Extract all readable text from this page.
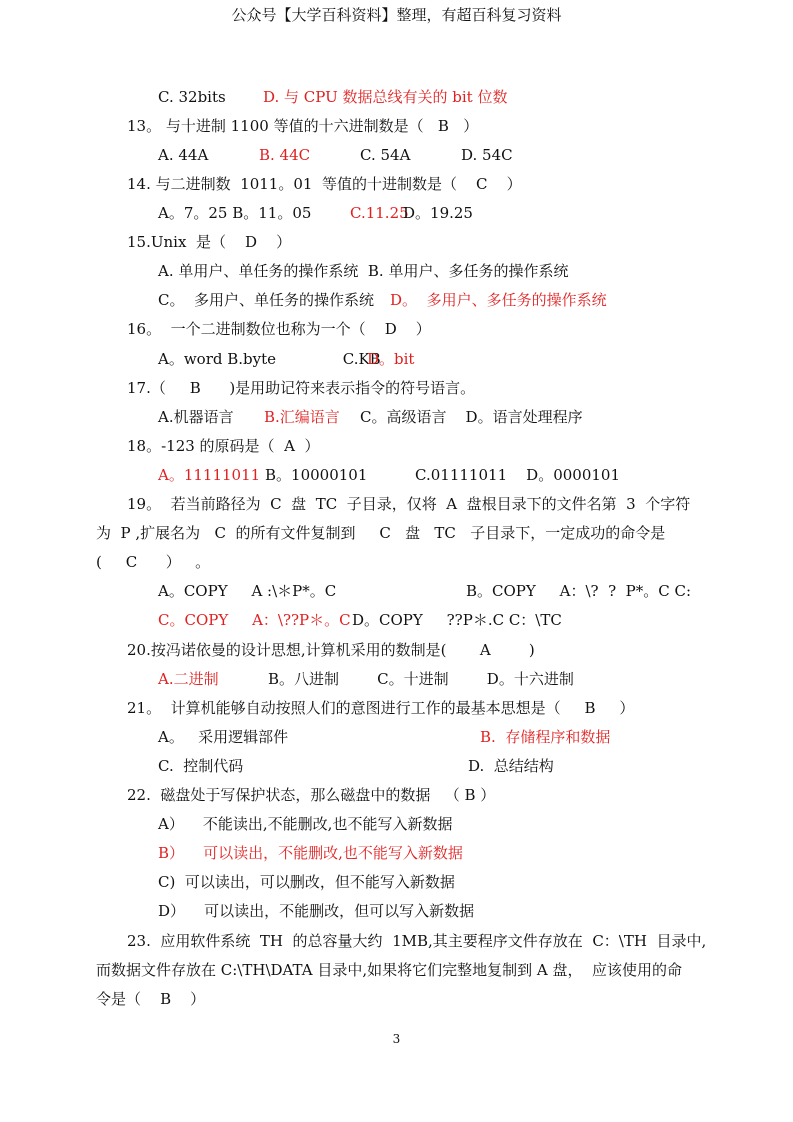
公众号【大学百科资料】整理，有超百科复习资料
C. 32bits D. 与 CPU 数据总线有关的 bit 位数
13。 与十进制 1100 等值的十六进制数是（   B   ）
A. 44A	B. 44C	C. 54A	D. 54C
14. 与二进制数  1011。01  等值的十进制数是（    C    ）
A。7。25 B。11。05	C.11.25
D。19.25
15.Unix  是（    D    ）
A. 单用户、单任务的操作系统  B. 单用户、多任务的操作系统
C。  多用户、单任务的操作系统 D。  多用户、多任务的操作系统
16。  一个二进制数位也称为一个（    D    ）
A。word B.byte              C.KB
D。bit
17.（     B      )是用助记符来表示指令的符号语言。
A.机器语言 B.汇编语言 C。高级语言    D。语言处理程序
18。-123 的原码是（  A  ）
A。11111011 B。10000101          C.01111011    D。0000101
19。  若当前路径为  C  盘  TC  子目录，仅将  A  盘根目录下的文件名第  3  个字符
为  P ,扩展名为   C  的所有文件复制到     C   盘   TC   子目录下，一定成功的命令是
(     C      ）   。
A。COPY     A :\＊P*。C	B。COPY     A：\?  ?  P*。C C:
C。COPY     A：\??P＊。C D。COPY     ??P＊.C C：\TC
20.按冯诺依曼的设计思想,计算机采用的数制是(       A        )
A.二进制	B。八进制        C。十进制        D。十六进制
21。  计算机能够自动按照人们的意图进行工作的最基本思想是（     B     ）
A。   采用逻辑部件	B.  存储程序和数据
C.  控制代码	D.  总结结构
22.  磁盘处于写保护状态，那么磁盘中的数据   （ B ）
A）    不能读出,不能删改,也不能写入新数据
B）    可以读出，不能删改,也不能写入新数据
C)  可以读出，可以删改，但不能写入新数据
D）    可以读出，不能删改，但可以写入新数据
23.  应用软件系统  TH  的总容量大约  1MB,其主要程序文件存放在  C：\TH  目录中,
而数据文件存放在 C:\TH\DATA 目录中,如果将它们完整地复制到 A 盘，  应该使用的命
令是（    B    ）
3
